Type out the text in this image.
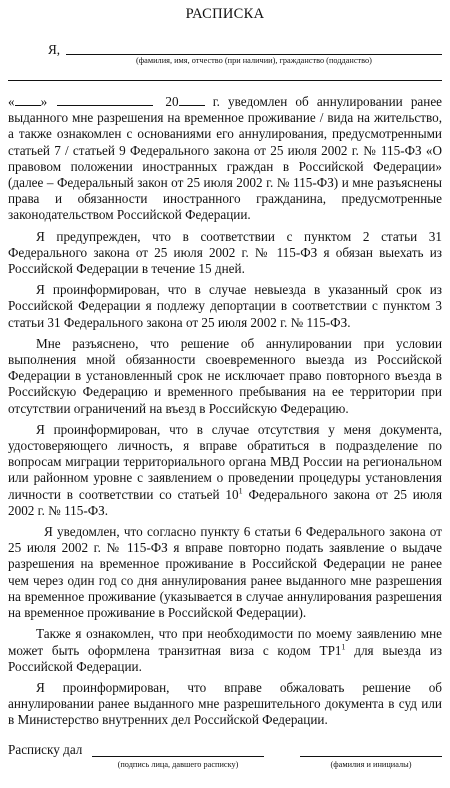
РАСПИСКА
Я,
(фамилия, имя, отчество (при наличии), гражданство (подданство)

« »	20	г. уведомлен об аннулировании ранее выданного мне разрешения на временное проживание / вида на жительство, а также ознакомлен с основаниями его аннулирования, предусмотренными статьей 7 / статьей 9 Федерального закона от 25 июля 2002 г. № 115-ФЗ «О правовом положении иностранных граждан в Российской Федерации» (далее – Федеральный закон от 25 июля 2002 г. № 115-ФЗ) и мне разъяснены права и обязанности иностранного гражданина, предусмотренные законодательством Российской Федерации.

Я предупрежден, что в соответствии с пунктом 2 статьи 31 Федерального закона от 25 июля 2002 г. № 115-ФЗ я обязан выехать из Российской Федерации в течение 15 дней.

Я проинформирован, что в случае невыезда в указанный срок из Российской Федерации я подлежу депортации в соответствии с пунктом 3 статьи 31 Федерального закона от 25 июля 2002 г. № 115-ФЗ.

Мне разъяснено, что решение об аннулировании при условии выполнения мной обязанности своевременного выезда из Российской Федерации в установленный срок не исключает право повторного въезда в Российскую Федерацию и временного пребывания на ее территории при отсутствии ограничений на въезд в Российскую Федерацию.

Я проинформирован, что в случае отсутствия у меня документа, удостоверяющего личность, я вправе обратиться в подразделение по вопросам миграции территориального органа МВД России на региональном или районном уровне с заявлением о проведении процедуры установления личности в соответствии со статьей $10^1$ Федерального закона от 25 июля 2002 г. № 115-ФЗ.

Я уведомлен, что согласно пункту 6 статьи 6 Федерального закона от 25 июля 2002 г. № 115-ФЗ я вправе повторно подать заявление о выдаче разрешения на временное проживание в Российской Федерации не ранее чем через один год со дня аннулирования ранее выданного мне разрешения на временное проживание (указывается в случае аннулирования разрешения на временное проживание в Российской Федерации).

Также я ознакомлен, что при необходимости по моему заявлению мне может быть оформлена транзитная виза с кодом $ТР1^1$ для выезда из Российской Федерации.

Я проинформирован, что вправе обжаловать решение об аннулировании ранее выданного мне разрешительного документа в суд или в Министерство внутренних дел Российской Федерации.

Расписку дал
(подпись лица, давшего расписку)	(фамилия и инициалы)
